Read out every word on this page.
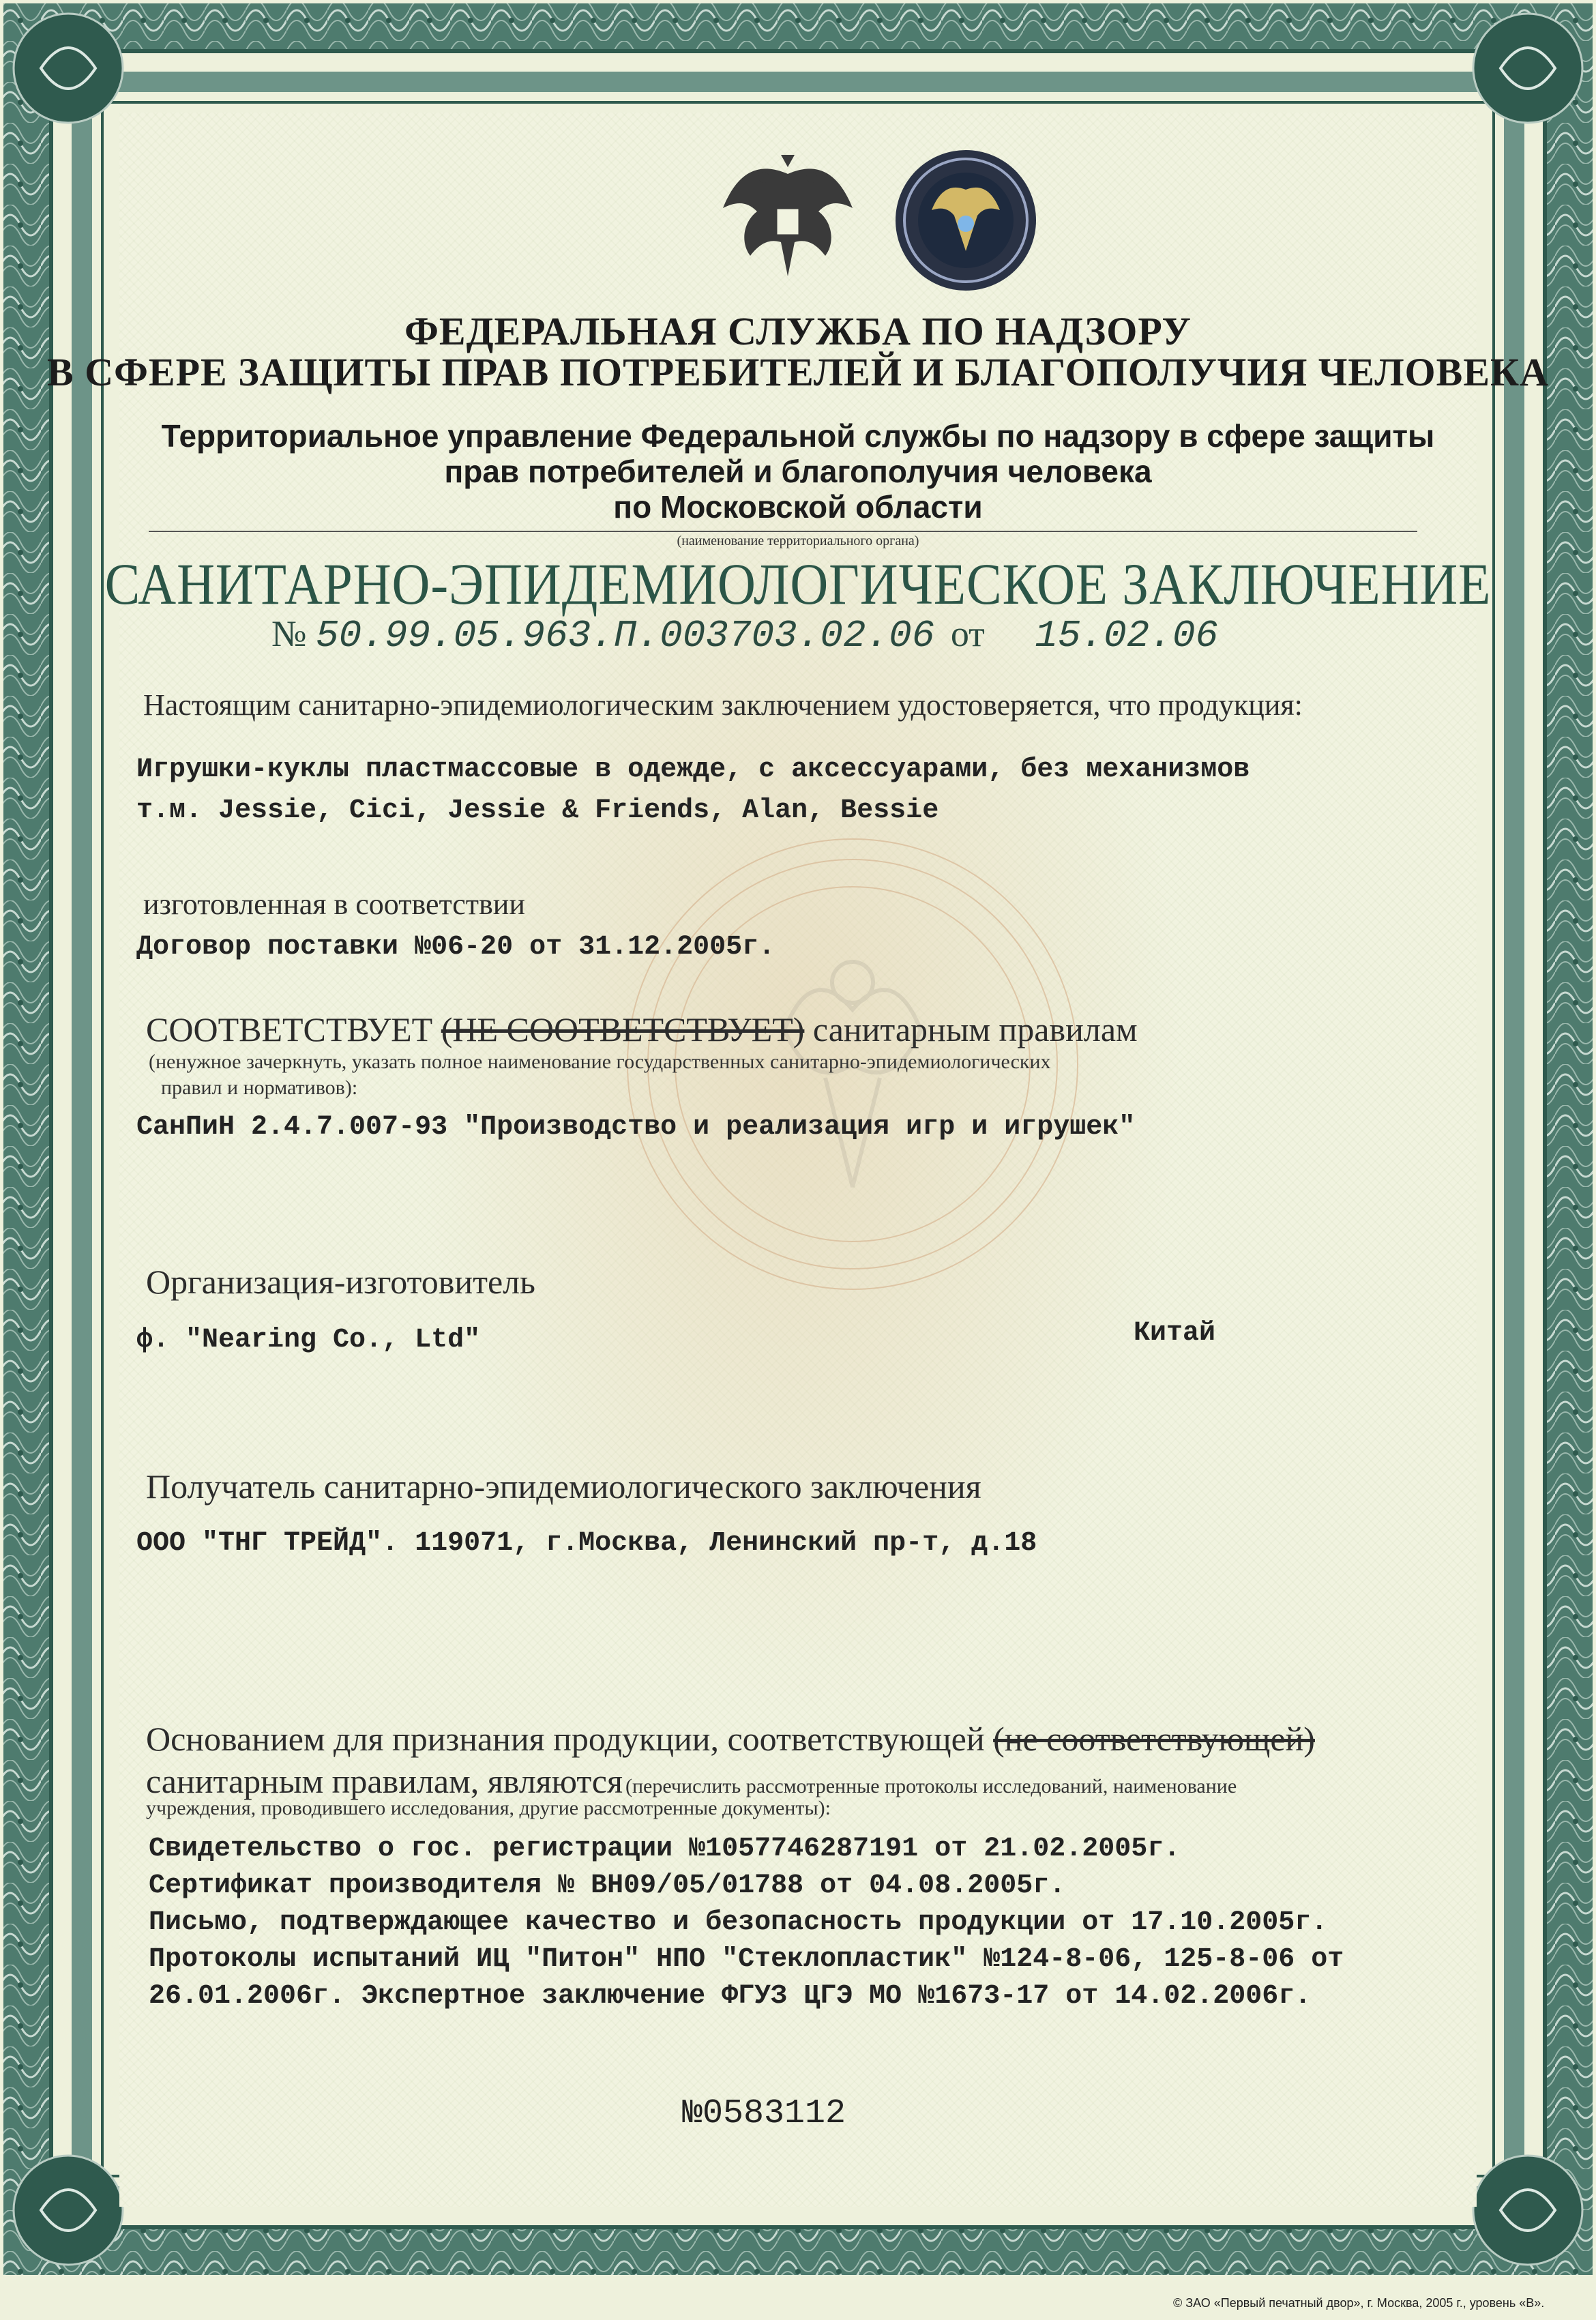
ФЕДЕРАЛЬНАЯ СЛУЖБА ПО НАДЗОРУ
В СФЕРЕ ЗАЩИТЫ ПРАВ ПОТРЕБИТЕЛЕЙ И БЛАГОПОЛУЧИЯ ЧЕЛОВЕКА
Территориальное управление Федеральной службы по надзору в сфере защиты
прав потребителей и благополучия человека
по Московской области
(наименование территориального органа)
САНИТАРНО-ЭПИДЕМИОЛОГИЧЕСКОЕ ЗАКЛЮЧЕНИЕ
№ 50.99.05.963.П.003703.02.06 от 15.02.06
Настоящим санитарно-эпидемиологическим заключением удостоверяется, что продукция:
Игрушки-куклы пластмассовые в одежде, с аксессуарами, без механизмов
т.м. Jessie, Cici, Jessie & Friends, Alan, Bessie
изготовленная в соответствии
Договор поставки №06-20 от 31.12.2005г.
СООТВЕТСТВУЕТ (НЕ СООТВЕТСТВУЕТ) санитарным правилам
(ненужное зачеркнуть, указать полное наименование государственных санитарно-эпидемиологических
правил и нормативов):
СанПиН 2.4.7.007-93 "Производство и реализация игр и игрушек"
Организация-изготовитель
ф. "Nearing Co., Ltd"	Китай
Получатель санитарно-эпидемиологического заключения
ООО "ТНГ ТРЕЙД". 119071, г.Москва, Ленинский пр-т, д.18
Основанием для признания продукции, соответствующей (не соответствующей)
санитарным правилам, являются (перечислить рассмотренные протоколы исследований, наименование
учреждения, проводившего исследования, другие рассмотренные документы):
Свидетельство о гос. регистрации №1057746287191 от 21.02.2005г.
Сертификат производителя № ВН09/05/01788 от 04.08.2005г.
Письмо, подтверждающее качество и безопасность продукции от 17.10.2005г.
Протоколы испытаний ИЦ "Питон" НПО "Стеклопластик" №124-8-06, 125-8-06 от
26.01.2006г. Экспертное заключение ФГУЗ ЦГЭ МО №1673-17 от 14.02.2006г.
№0583112
© ЗАО «Первый печатный двор», г. Москва, 2005 г., уровень «В».
